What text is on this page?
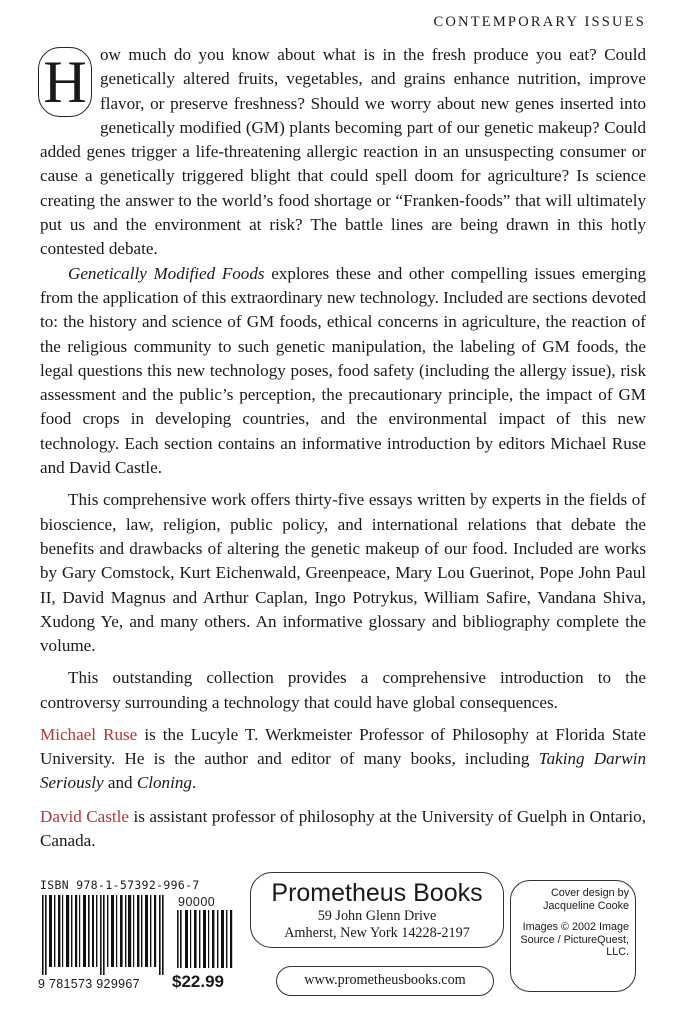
CONTEMPORARY ISSUES

H ow much do you know about what is in the fresh produce you eat? Could genetically altered fruits, vegetables, and grains enhance nutrition, improve flavor, or preserve freshness? Should we worry about new genes inserted into genetically modified (GM) plants becoming part of our genetic makeup? Could added genes trigger a life-threatening allergic reaction in an unsuspecting consumer or cause a genetically triggered blight that could spell doom for agriculture? Is science creating the answer to the world’s food shortage or “Franken-foods” that will ultimately put us and the environment at risk? The battle lines are being drawn in this hotly contested debate.

Genetically Modified Foods explores these and other compelling issues emerging from the application of this extraordinary new technology. Included are sections devoted to: the history and science of GM foods, ethical concerns in agriculture, the reaction of the religious community to such genetic manipulation, the labeling of GM foods, the legal questions this new technology poses, food safety (including the allergy issue), risk assessment and the public’s perception, the precautionary principle, the impact of GM food crops in developing countries, and the environmental impact of this new technology. Each section contains an informative introduction by editors Michael Ruse and David Castle.

This comprehensive work offers thirty-five essays written by experts in the fields of bioscience, law, religion, public policy, and international relations that debate the benefits and drawbacks of altering the genetic makeup of our food. Included are works by Gary Comstock, Kurt Eichenwald, Greenpeace, Mary Lou Guerinot, Pope John Paul II, David Magnus and Arthur Caplan, Ingo Potrykus, William Safire, Vandana Shiva, Xudong Ye, and many others. An informative glossary and bibliography complete the volume.

This outstanding collection provides a comprehensive introduction to the controversy surrounding a technology that could have global consequences.

Michael Ruse is the Lucyle T. Werkmeister Professor of Philosophy at Florida State University. He is the author and editor of many books, including Taking Darwin Seriously and Cloning.

David Castle is assistant professor of philosophy at the University of Guelph in Ontario, Canada.

ISBN 978-1-57392-996-7
9 781573 929967
90000
$22.99
Prometheus Books
59 John Glenn Drive
Amherst, New York 14228-2197
www.prometheusbooks.com
Cover design by Jacqueline Cooke
Images © 2002 Image Source / PictureQuest, LLC.
